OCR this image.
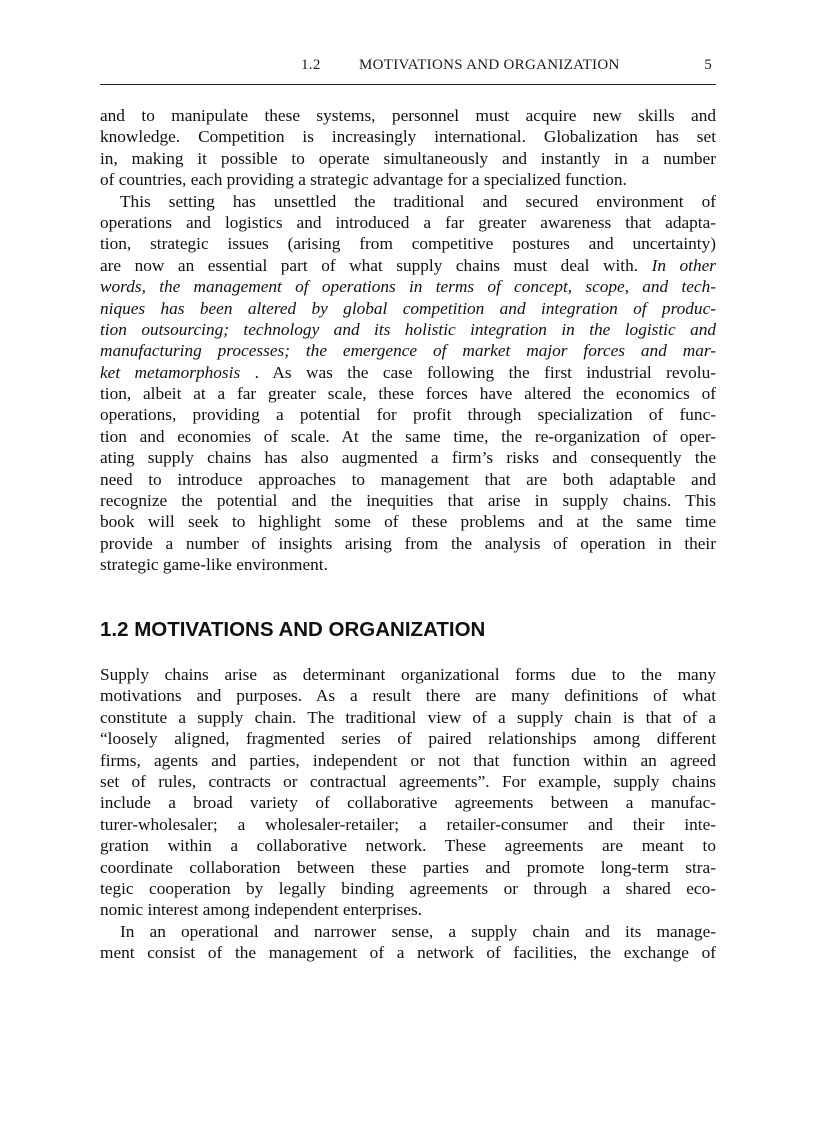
1.2	MOTIVATIONS AND ORGANIZATION	5
and to manipulate these systems, personnel must acquire new skills and
knowledge. Competition is increasingly international. Globalization has set
in, making it possible to operate simultaneously and instantly in a number
of countries, each providing a strategic advantage for a specialized function.
This setting has unsettled the traditional and secured environment of
operations and logistics and introduced a far greater awareness that adapta-
tion, strategic issues (arising from competitive postures and uncertainty)
are now an essential part of what supply chains must deal with. In other
words, the management of operations in terms of concept, scope, and tech-
niques has been altered by global competition and integration of produc-
tion outsourcing; technology and its holistic integration in the logistic and
manufacturing processes; the emergence of market major forces and mar-
ket metamorphosis . As was the case following the first industrial revolu-
tion, albeit at a far greater scale, these forces have altered the economics of
operations, providing a potential for profit through specialization of func-
tion and economies of scale. At the same time, the re-organization of oper-
ating supply chains has also augmented a firm’s risks and consequently the
need to introduce approaches to management that are both adaptable and
recognize the potential and the inequities that arise in supply chains. This
book will seek to highlight some of these problems and at the same time
provide a number of insights arising from the analysis of operation in their
strategic game-like environment.
1.2 MOTIVATIONS AND ORGANIZATION
Supply chains arise as determinant organizational forms due to the many
motivations and purposes. As a result there are many definitions of what
constitute a supply chain. The traditional view of a supply chain is that of a
“loosely aligned, fragmented series of paired relationships among different
firms, agents and parties, independent or not that function within an agreed
set of rules, contracts or contractual agreements”. For example, supply chains
include a broad variety of collaborative agreements between a manufac-
turer-wholesaler; a wholesaler-retailer; a retailer-consumer and their inte-
gration within a collaborative network. These agreements are meant to
coordinate collaboration between these parties and promote long-term stra-
tegic cooperation by legally binding agreements or through a shared eco-
nomic interest among independent enterprises.
In an operational and narrower sense, a supply chain and its manage-
ment consist of the management of a network of facilities, the exchange of
